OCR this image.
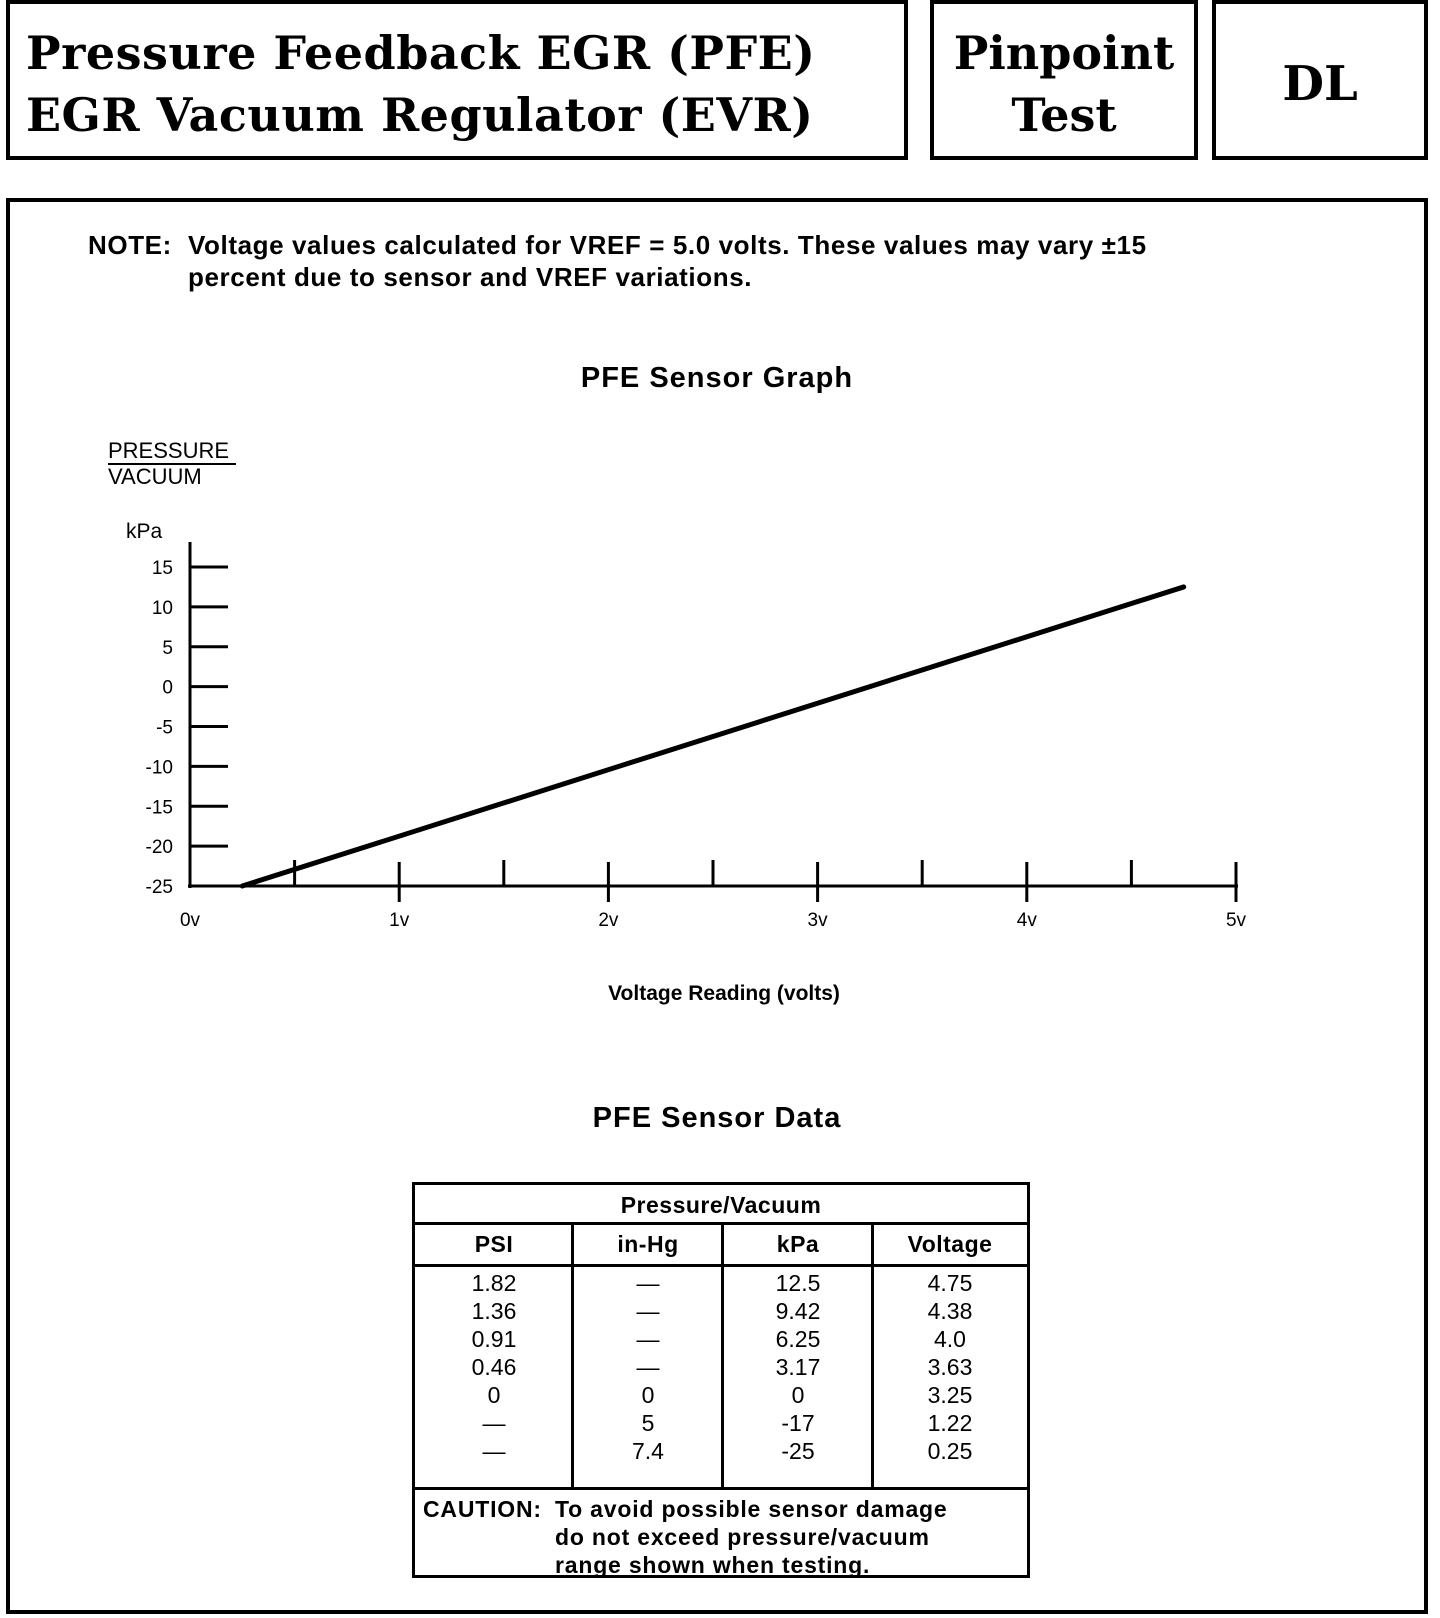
Pressure Feedback EGR (PFE)
EGR Vacuum Regulator (EVR)
Pinpoint
Test
DL
NOTE: Voltage values calculated for VREF = 5.0 volts. These values may vary ±15
percent due to sensor and VREF variations.
PFE Sensor Graph
PRESSURE
VACUUM
kPa
Voltage Reading (volts)
15
10
5
0
-5
-10
-15
-20
-25
0v	1v	2v	3v	4v	5v
PFE Sensor Data
Pressure/Vacuum
PSI	in-Hg	kPa	Voltage
1.82	—	12.5	4.75
1.36	—	9.42	4.38
0.91	—	6.25	4.0
0.46	—	3.17	3.63
0	0	0	3.25
—	5	-17	1.22
—	7.4	-25	0.25
CAUTION: To avoid possible sensor damage
do not exceed pressure/vacuum
range shown when testing.
